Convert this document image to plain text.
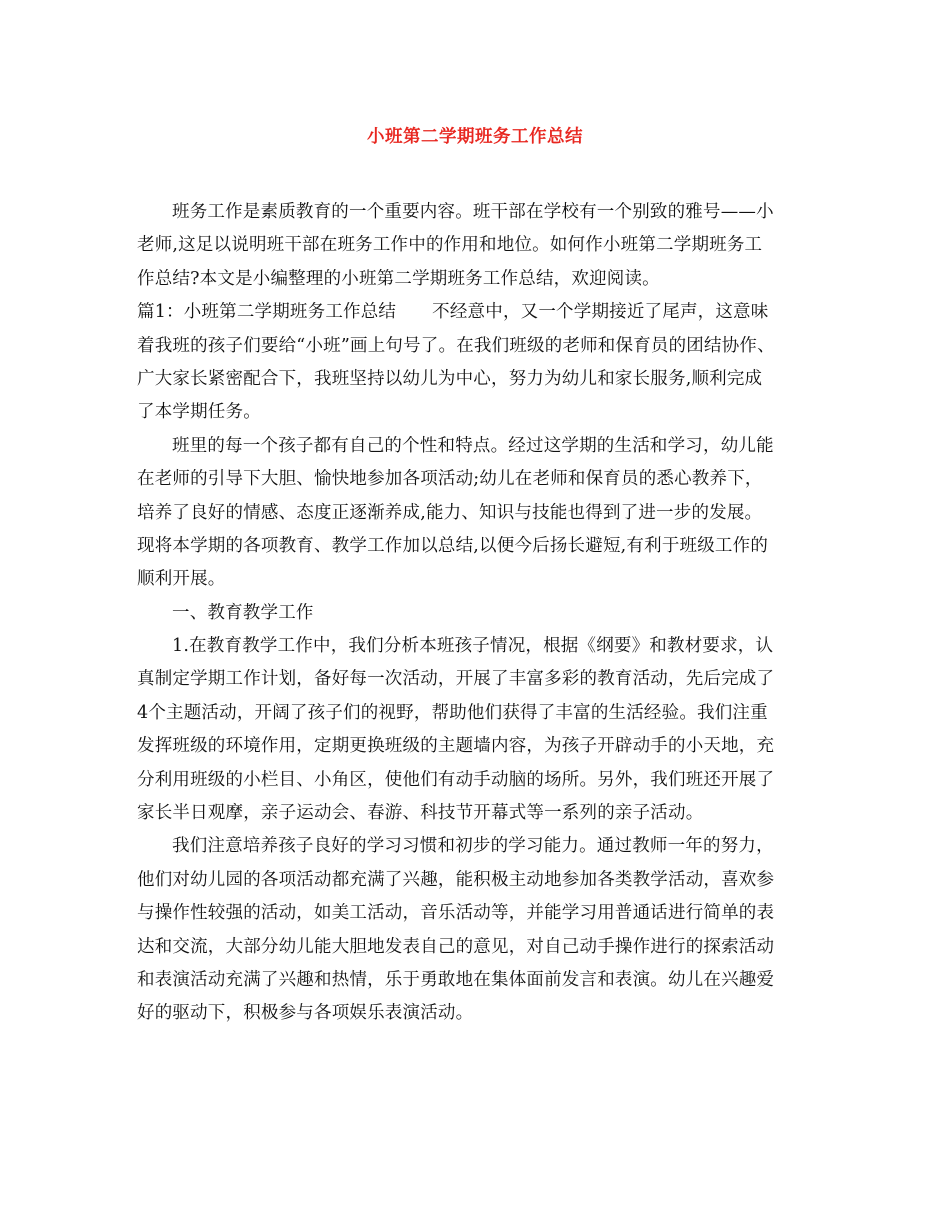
小班第二学期班务工作总结
班务工作是素质教育的一个重要内容。班干部在学校有一个别致的雅号——小
老师,这足以说明班干部在班务工作中的作用和地位。如何作小班第二学期班务工
作总结?本文是小编整理的小班第二学期班务工作总结，欢迎阅读。
篇1：小班第二学期班务工作总结 不经意中，又一个学期接近了尾声，这意味
着我班的孩子们要给“小班”画上句号了。在我们班级的老师和保育员的团结协作、
广大家长紧密配合下，我班坚持以幼儿为中心，努力为幼儿和家长服务,顺利完成
了本学期任务。
班里的每一个孩子都有自己的个性和特点。经过这学期的生活和学习，幼儿能
在老师的引导下大胆、愉快地参加各项活动;幼儿在老师和保育员的悉心教养下，
培养了良好的情感、态度正逐渐养成,能力、知识与技能也得到了进一步的发展。
现将本学期的各项教育、教学工作加以总结,以便今后扬长避短,有利于班级工作的
顺利开展。
一、教育教学工作
1.在教育教学工作中，我们分析本班孩子情况，根据《纲要》和教材要求，认
真制定学期工作计划，备好每一次活动，开展了丰富多彩的教育活动，先后完成了
4个主题活动，开阔了孩子们的视野，帮助他们获得了丰富的生活经验。我们注重
发挥班级的环境作用，定期更换班级的主题墙内容，为孩子开辟动手的小天地，充
分利用班级的小栏目、小角区，使他们有动手动脑的场所。另外，我们班还开展了
家长半日观摩，亲子运动会、春游、科技节开幕式等一系列的亲子活动。
我们注意培养孩子良好的学习习惯和初步的学习能力。通过教师一年的努力，
他们对幼儿园的各项活动都充满了兴趣，能积极主动地参加各类教学活动，喜欢参
与操作性较强的活动，如美工活动，音乐活动等，并能学习用普通话进行简单的表
达和交流，大部分幼儿能大胆地发表自己的意见，对自己动手操作进行的探索活动
和表演活动充满了兴趣和热情，乐于勇敢地在集体面前发言和表演。幼儿在兴趣爱
好的驱动下，积极参与各项娱乐表演活动。
